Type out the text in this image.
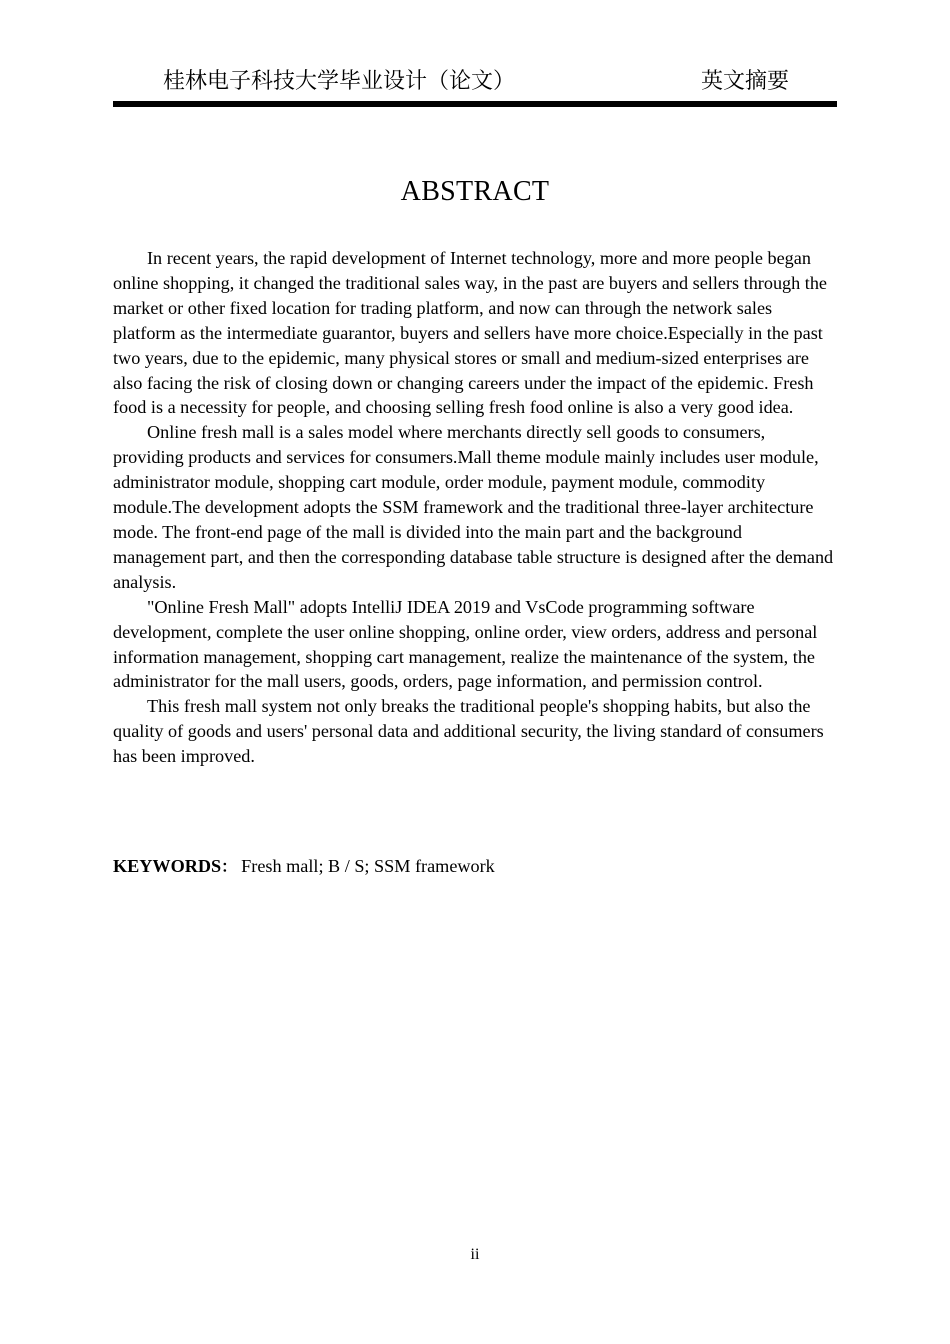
桂林电子科技大学毕业设计（论文）	英文摘要
ABSTRACT

In recent years, the rapid development of Internet technology, more and more people began online shopping, it changed the traditional sales way, in the past are buyers and sellers through the market or other fixed location for trading platform, and now can through the network sales platform as the intermediate guarantor, buyers and sellers have more choice.Especially in the past two years, due to the epidemic, many physical stores or small and medium-sized enterprises are also facing the risk of closing down or changing careers under the impact of the epidemic. Fresh food is a necessity for people, and choosing selling fresh food online is also a very good idea.

Online fresh mall is a sales model where merchants directly sell goods to consumers, providing products and services for consumers.Mall theme module mainly includes user module, administrator module, shopping cart module, order module, payment module, commodity module.The development adopts the SSM framework and the traditional three-layer architecture mode. The front-end page of the mall is divided into the main part and the background management part, and then the corresponding database table structure is designed after the demand analysis.

"Online Fresh Mall" adopts IntelliJ IDEA 2019 and VsCode programming software development, complete the user online shopping, online order, view orders, address and personal information management, shopping cart management, realize the maintenance of the system, the administrator for the mall users, goods, orders, page information, and permission control.

This fresh mall system not only breaks the traditional people's shopping habits, but also the quality of goods and users' personal data and additional security, the living standard of consumers has been improved.

KEYWORDS： Fresh mall; B / S; SSM framework
ii
